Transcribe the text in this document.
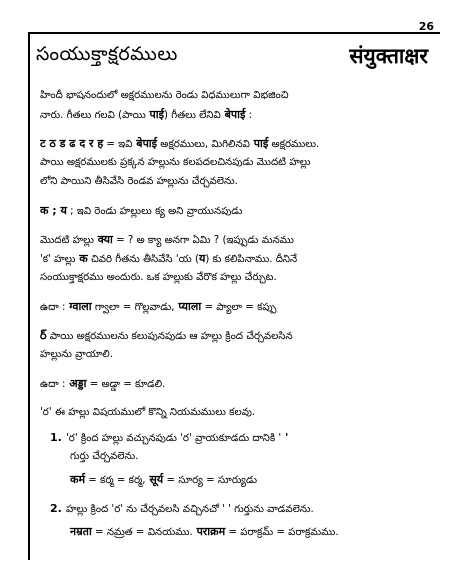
26
సంయుక్తాక్షరములు	संयुक्ताक्षर
హిందీ భాషనందులో అక్షరములను రెండు విధములుగా విభజించి
నారు. గీతలు గలవి (పాయి पाई) గీతలు లేనివి बेपाई :
ट ठ ड ढ द र ह = ఇవి बेपाई అక్షరములు, మిగిలినవి पाई అక్షరములు.
పాయి అక్షరములకు ప్రక్కన హల్లును కలపదలచినపుడు మొదటి హల్లు
లోని పాయిని తీసివేసి రెండవ హల్లును చేర్చవలెను.
क ; य ; ఇవి రెండు హల్లులు క్య అని వ్రాయునపుడు
మొదటి హల్లు क्या = ? అ క్యా అనగా ఏమి ? (ఇప్పుడు మనము
'క' హల్లు क చివరి గీతను తీసివేసి 'య (य) కు కలిపినాము. దీనినే
సంయుక్తాక్షరము అందురు. ఒక హల్లుకు వేరొక హల్లు చేర్చుట.
ఉదా : ग्वाला గ్వాలా = గొల్లవాడు, प्याला = ప్యాలా = కప్పు
ర్ పాయి అక్షరములను కలుపునపుడు ఆ హల్లు క్రింద చేర్చవలసిన
హల్లును వ్రాయాలి.
ఉదా : अड्डा = అడ్డా = కూడలి.
'ర' ఈ హల్లు విషయములో కొన్ని నియమములు కలవు.
1. 'ర' క్రింద హల్లు వచ్చునపుడు 'ర' వ్రాయకూడదు దానికి ' '
గుర్తు చేర్చవలెను.
कर्म = కర్మ = కర్మ, सूर्य = సూర్య = సూర్యుడు
2. హల్లు క్రింద 'ర' ను చేర్చవలసి వచ్చినచో ' ' గుర్తును వాడవలెను.
नम्रता = నమ్రత = వినయము. पराक्रम = పరాక్రమ్ = పరాక్రమము.
